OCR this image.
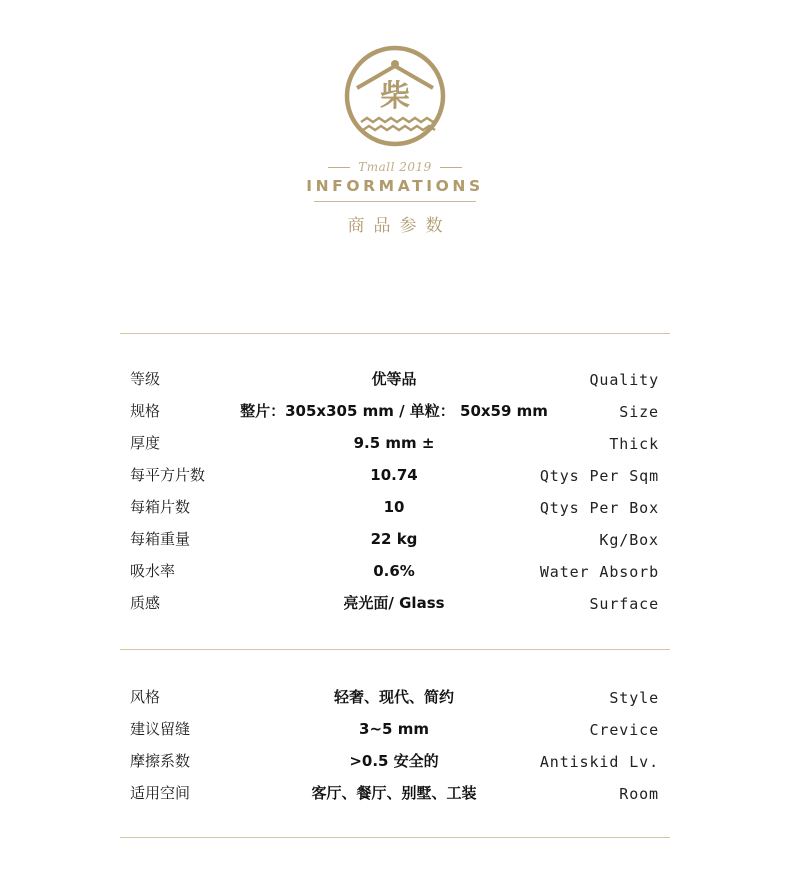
柴
Tmall 2019
INFORMATIONS
商品参数
等级	优等品	Quality
规格	整片：305x305 mm / 单粒： 50x59 mm	Size
厚度	9.5 mm ±	Thick
每平方片数	10.74	Qtys Per Sqm
每箱片数	10	Qtys Per Box
每箱重量	22 kg	Kg/Box
吸水率	0.6%	Water Absorb
质感	亮光面/ Glass	Surface
风格	轻奢、现代、简约	Style
建议留缝	3~5 mm	Crevice
摩擦系数	>0.5 安全的	Antiskid Lv.
适用空间	客厅、餐厅、别墅、工装	Room
